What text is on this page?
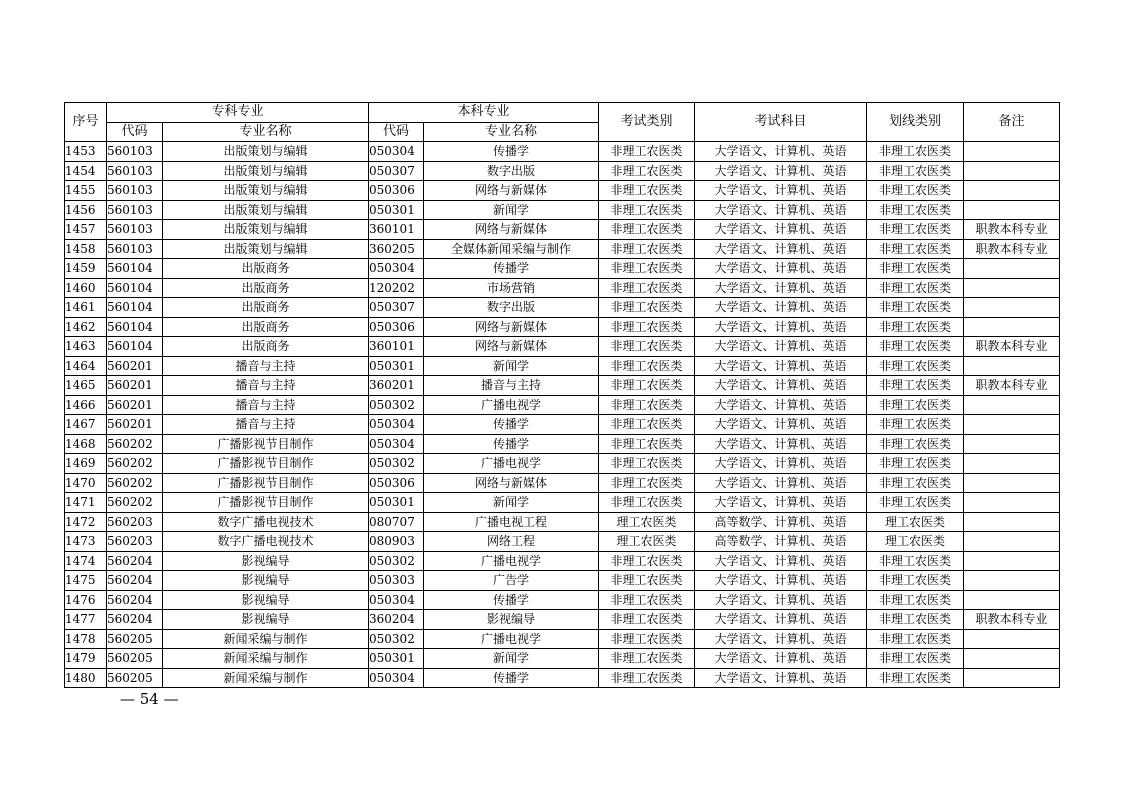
序号	专科专业		本科专业		考试类别	考试科目	划线类别	备注
	代码	专业名称	代码	专业名称				
1453	560103	出版策划与编辑	050304	传播学	非理工农医类	大学语文、计算机、英语	非理工农医类	
1454	560103	出版策划与编辑	050307	数字出版	非理工农医类	大学语文、计算机、英语	非理工农医类	
1455	560103	出版策划与编辑	050306	网络与新媒体	非理工农医类	大学语文、计算机、英语	非理工农医类	
1456	560103	出版策划与编辑	050301	新闻学	非理工农医类	大学语文、计算机、英语	非理工农医类	
1457	560103	出版策划与编辑	360101	网络与新媒体	非理工农医类	大学语文、计算机、英语	非理工农医类	职教本科专业
1458	560103	出版策划与编辑	360205	全媒体新闻采编与制作	非理工农医类	大学语文、计算机、英语	非理工农医类	职教本科专业
1459	560104	出版商务	050304	传播学	非理工农医类	大学语文、计算机、英语	非理工农医类	
1460	560104	出版商务	120202	市场营销	非理工农医类	大学语文、计算机、英语	非理工农医类	
1461	560104	出版商务	050307	数字出版	非理工农医类	大学语文、计算机、英语	非理工农医类	
1462	560104	出版商务	050306	网络与新媒体	非理工农医类	大学语文、计算机、英语	非理工农医类	
1463	560104	出版商务	360101	网络与新媒体	非理工农医类	大学语文、计算机、英语	非理工农医类	职教本科专业
1464	560201	播音与主持	050301	新闻学	非理工农医类	大学语文、计算机、英语	非理工农医类	
1465	560201	播音与主持	360201	播音与主持	非理工农医类	大学语文、计算机、英语	非理工农医类	职教本科专业
1466	560201	播音与主持	050302	广播电视学	非理工农医类	大学语文、计算机、英语	非理工农医类	
1467	560201	播音与主持	050304	传播学	非理工农医类	大学语文、计算机、英语	非理工农医类	
1468	560202	广播影视节目制作	050304	传播学	非理工农医类	大学语文、计算机、英语	非理工农医类	
1469	560202	广播影视节目制作	050302	广播电视学	非理工农医类	大学语文、计算机、英语	非理工农医类	
1470	560202	广播影视节目制作	050306	网络与新媒体	非理工农医类	大学语文、计算机、英语	非理工农医类	
1471	560202	广播影视节目制作	050301	新闻学	非理工农医类	大学语文、计算机、英语	非理工农医类	
1472	560203	数字广播电视技术	080707	广播电视工程	理工农医类	高等数学、计算机、英语	理工农医类	
1473	560203	数字广播电视技术	080903	网络工程	理工农医类	高等数学、计算机、英语	理工农医类	
1474	560204	影视编导	050302	广播电视学	非理工农医类	大学语文、计算机、英语	非理工农医类	
1475	560204	影视编导	050303	广告学	非理工农医类	大学语文、计算机、英语	非理工农医类	
1476	560204	影视编导	050304	传播学	非理工农医类	大学语文、计算机、英语	非理工农医类	
1477	560204	影视编导	360204	影视编导	非理工农医类	大学语文、计算机、英语	非理工农医类	职教本科专业
1478	560205	新闻采编与制作	050302	广播电视学	非理工农医类	大学语文、计算机、英语	非理工农医类	
1479	560205	新闻采编与制作	050301	新闻学	非理工农医类	大学语文、计算机、英语	非理工农医类	
1480	560205	新闻采编与制作	050304	传播学	非理工农医类	大学语文、计算机、英语	非理工农医类	
— 54 —
